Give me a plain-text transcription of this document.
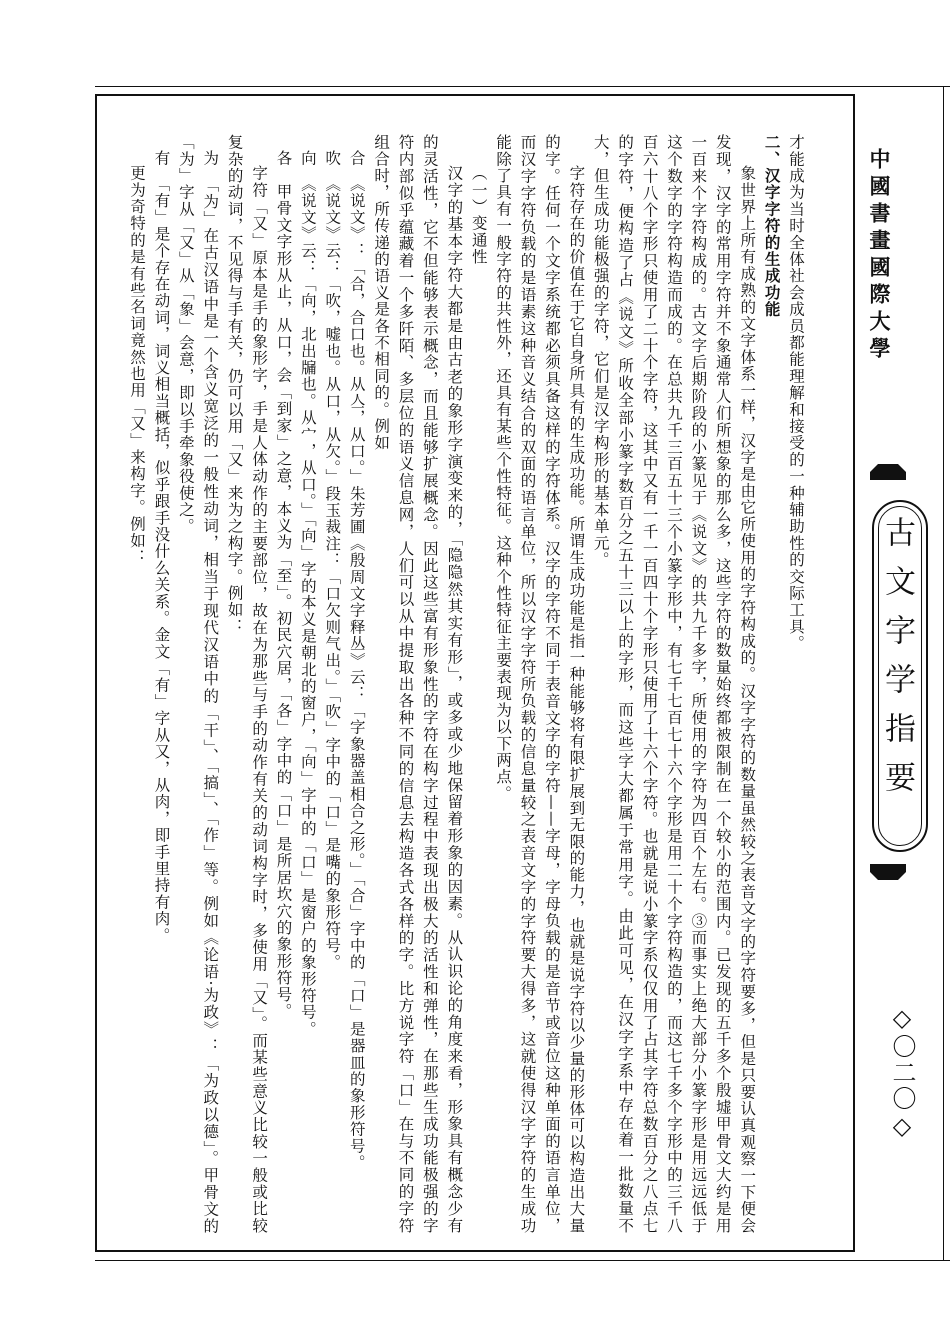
中國書畫國際大學
古文字学指要
◇〇二〇◇

才能成为当时全体社会成员都能理解和接受的一种辅助性的交际工具。

二、汉字字符的生成功能

象世界上所有成熟的文字体系一样，汉字是由它所使用的字符构成的。汉字字符的数量虽然较之表音文字的字符要多，但是只要认真观察一下便会发现，汉字的常用字符并不象通常人们所想象的那么多，这些字符的数量始终都被限制在一个较小的范围内。已发现的五千多个殷墟甲骨文大约是用一百来个字符构成的。古文字后期阶段的小篆见于《说文》的共九千多字，所使用的字符为四百个左右。③而事实上绝大部分小篆字形是用远远低于这个数字的字符构造而成的。在总共九千三百五十三个小篆字形中，有七千七百七十六个字形是用二十个字符构造的，而这七千多个字形中的三千八百六十八个字形只使用了二十个字符，这其中又有一千一百四十个字形只使用了十六个字符。也就是说小篆字系仅仅用了占其字符总数百分之八点七的字符，便构造了占《说文》所收全部小篆字数百分之五十三以上的字形，而这些字大都属于常用字。由此可见，在汉字字系中存在着一批数量不大，但生成功能极强的字符，它们是汉字构形的基本单元。

字符存在的价值在于它自身所具有的生成功能。所谓生成功能是指一种能够将有限扩展到无限的能力，也就是说字符以少量的形体可以构造出大量的字。任何一个文字系统都必须具备这样的字符体系。汉字的字符不同于表音文字的字符——字母，字母负载的是音节或音位这种单面的语言单位，而汉字字符负载的是语素这种音义结合的双面的语言单位，所以汉字字符所负载的信息量较之表音文字的字符要大得多，这就使得汉字字符的生成功能除了具有一般字符的共性外，还具有某些个性特征。这种个性特征主要表现为以下两点。

（一）变通性

汉字的基本字符大都是由古老的象形字演变来的，「隐隐然其实有形」，或多或少地保留着形象的因素。从认识论的角度来看，形象具有概念少有的灵活性，它不但能够表示概念，而且能够扩展概念。因此这些富有形象性的字符在构字过程中表现出极大的活性和弹性，在那些生成功能极强的字符内部似乎蕴藏着一个多阡陌、多层位的语义信息网，人们可以从中提取出各种不同的信息去构造各式各样的字。比方说字符「口」在与不同的字符组合时，所传递的语义是各不相同的。例如

合　《说文》：「合，合口也。从亼，从口。」朱芳圃《殷周文字释丛》云：「字象器盖相合之形。」「合」字中的「口」是器皿的象形符号。

吹　《说文》云：「吹，嘘也。从口，从欠。」段玉裁注：「口欠则气出。」「吹」字中的「口」是嘴的象形符号。

向　《说文》云：「向，北出牖也。从宀，从口。」「向」字的本义是朝北的窗户，「向」字中的「口」是窗户的象形符号。

各　甲骨文字形从止，从口，会「到家」之意，本义为「至」。初民穴居，「各」字中的「口」是所居坎穴的象形符号。

字符「又」原本是手的象形字，手是人体动作的主要部位，故在为那些与手的动作有关的动词构字时，多使用「又」。而某些意义比较一般或比较复杂的动词，不见得与手有关，仍可以用「又」来为之构字。例如：

为　「为」在古汉语中是一个含义宽泛的一般性动词，相当于现代汉语中的「干」、「搞」、「作」等。例如《论语·为政》：「为政以德」。甲骨文的「为」字从「又」从「象」会意，即以手牵象役使之。

有　「有」是个存在动词，词义相当概括，似乎跟手没什么关系。金文「有」字从又，从肉，即手里持有肉。

更为奇特的是有些名词竟然也用「又」来构字。例如：
